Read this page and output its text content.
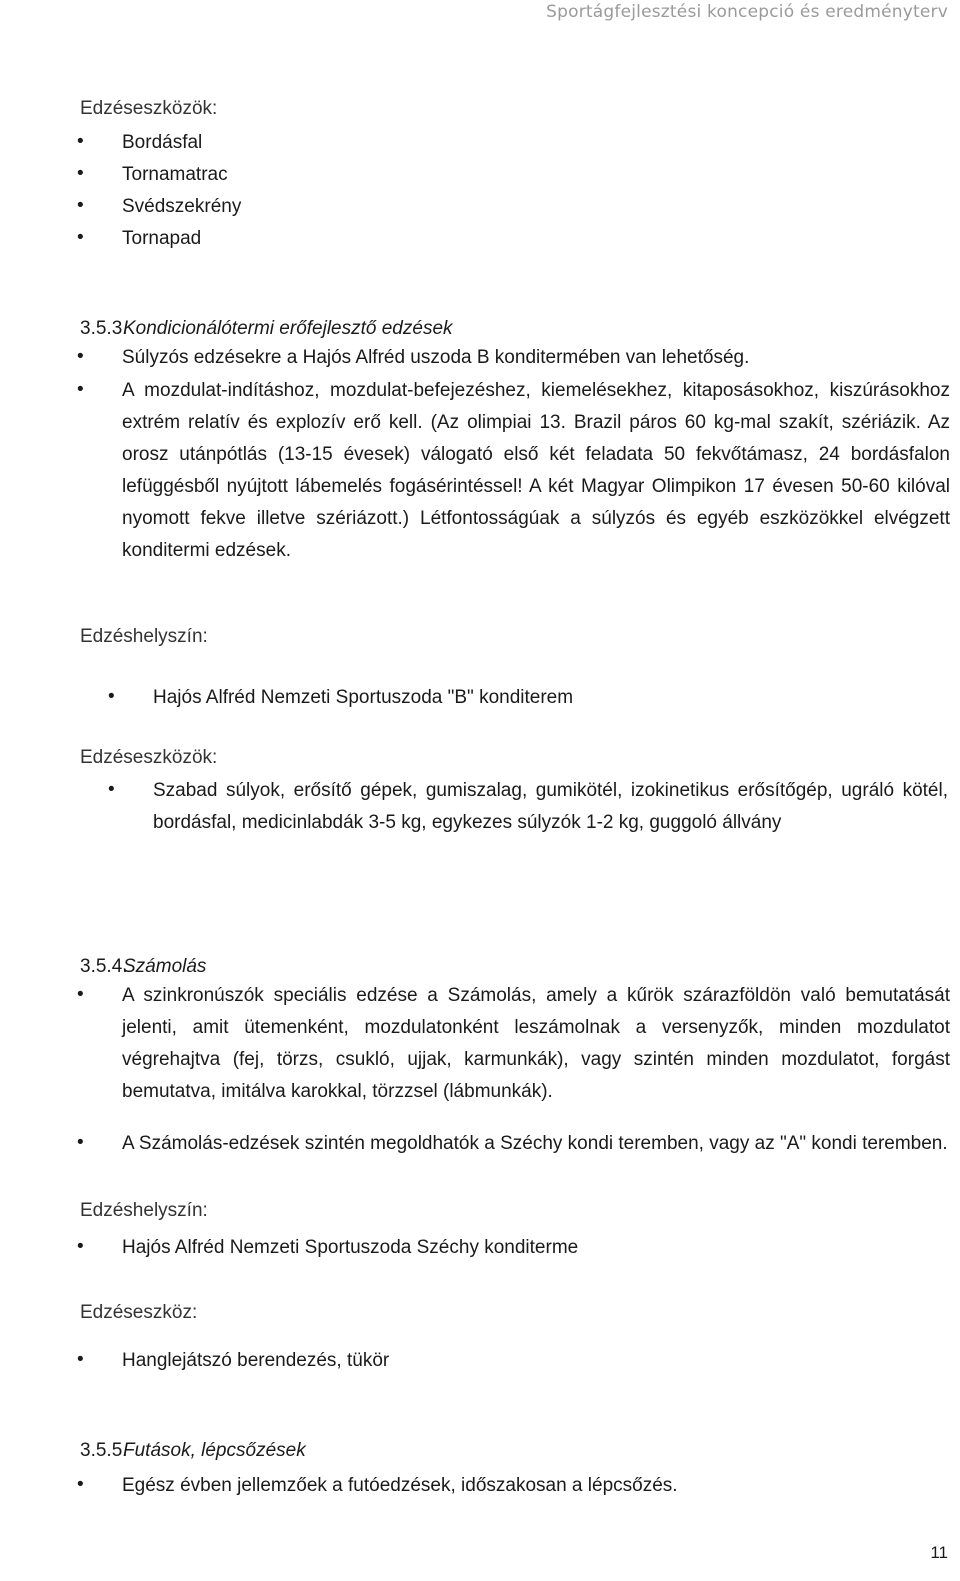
Sportágfejlesztési koncepció és eredményterv
Edzéseszközök:
• Bordásfal
• Tornamatrac
• Svédszekrény
• Tornapad
3.5.3.Kondicionálótermi erőfejlesztő edzések
• Súlyzós edzésekre a Hajós Alfréd uszoda B konditermében van lehetőség.
• A mozdulat-indításhoz, mozdulat-befejezéshez, kiemelésekhez, kitaposásokhoz, kiszúrásokhoz extrém relatív és explozív erő kell. (Az olimpiai 13. Brazil páros 60 kg-mal szakít, szériázik. Az orosz utánpótlás (13-15 évesek) válogató első két feladata 50 fekvőtámasz, 24 bordásfalon lefüggésből nyújtott lábemelés fogásérintéssel! A két Magyar Olimpikon 17 évesen 50-60 kilóval nyomott fekve illetve szériázott.) Létfontosságúak a súlyzós és egyéb eszközökkel elvégzett konditermi edzések.
Edzéshelyszín:
• Hajós Alfréd Nemzeti Sportuszoda "B" konditerem
Edzéseszközök:
• Szabad súlyok, erősítő gépek, gumiszalag, gumikötél, izokinetikus erősítőgép, ugráló kötél, bordásfal, medicinlabdák 3-5 kg, egykezes súlyzók 1-2 kg, guggoló állvány
3.5.4.Számolás
• A szinkronúszók speciális edzése a Számolás, amely a kűrök szárazföldön való bemutatását jelenti, amit ütemenként, mozdulatonként leszámolnak a versenyzők, minden mozdulatot végrehajtva (fej, törzs, csukló, ujjak, karmunkák), vagy szintén minden mozdulatot, forgást bemutatva, imitálva karokkal, törzzsel (lábmunkák).
• A Számolás-edzések szintén megoldhatók a Széchy kondi teremben, vagy az "A" kondi teremben.
Edzéshelyszín:
• Hajós Alfréd Nemzeti Sportuszoda Széchy konditerme
Edzéseszköz:
• Hanglejátszó berendezés, tükör
3.5.5.Futások, lépcsőzések
• Egész évben jellemzőek a futóedzések, időszakosan a lépcsőzés.
11
